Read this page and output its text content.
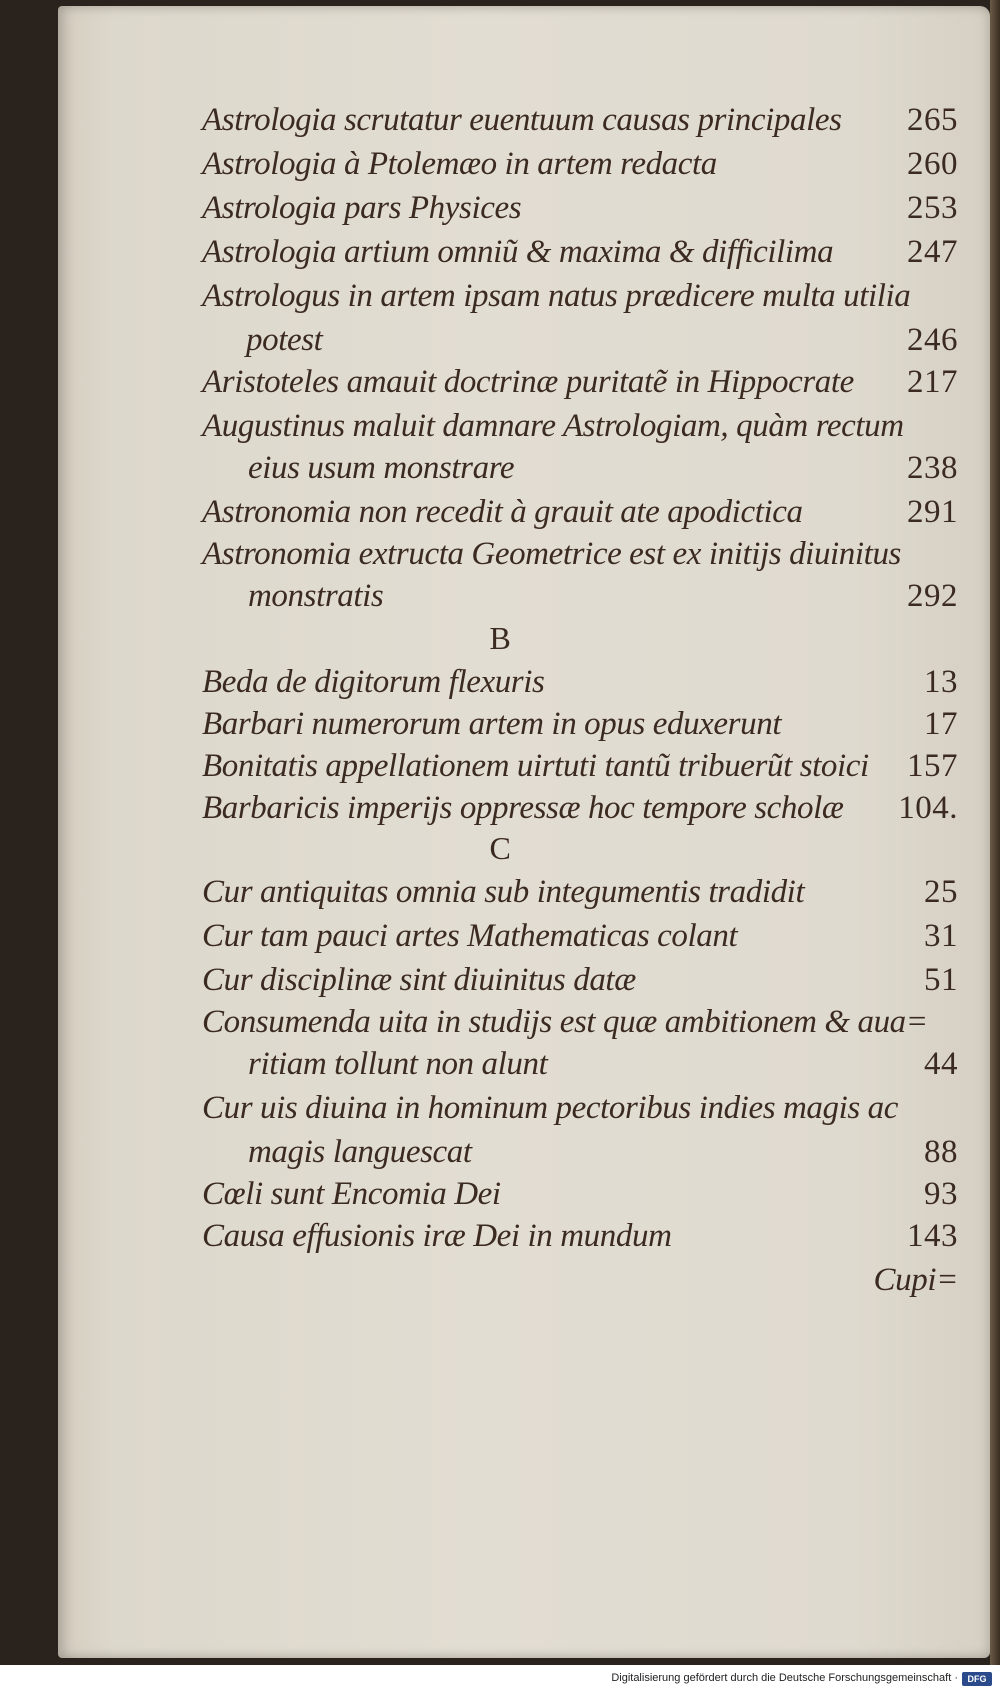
Astrologia scrutatur euentuum causas principales 265
Astrologia à Ptolemæo in artem redacta	260
Astrologia pars Physices	253
Astrologia artium omniũ & maxima & difficilima 247
Astrologus in artem ipsam natus prædicere multa utilia
potest	246
Aristoteles amauit doctrinæ puritatẽ in Hippocrate 217
Augustinus maluit damnare Astrologiam, quàm rectum
eius usum monstrare	238
Astronomia non recedit à grauit ate apodictica	291
Astronomia extructa Geometrice est ex initijs diuinitus
monstratis	292
B
Beda de digitorum flexuris	13
Barbari numerorum artem in opus eduxerunt	17
Bonitatis appellationem uirtuti tantũ tribuerũt stoici 157
Barbaricis imperijs oppressæ hoc tempore scholæ 104.
C
Cur antiquitas omnia sub integumentis tradidit	25
Cur tam pauci artes Mathematicas colant	31
Cur disciplinæ sint diuinitus datæ	51
Consumenda uita in studijs est quæ ambitionem & aua=
ritiam tollunt non alunt	44
Cur uis diuina in hominum pectoribus indies magis ac
magis languescat	88
Cœli sunt Encomia Dei	93
Causa effusionis iræ Dei in mundum	143
Cupi=
Digitalisierung gefördert durch die Deutsche Forschungsgemeinschaft ·	DFG
